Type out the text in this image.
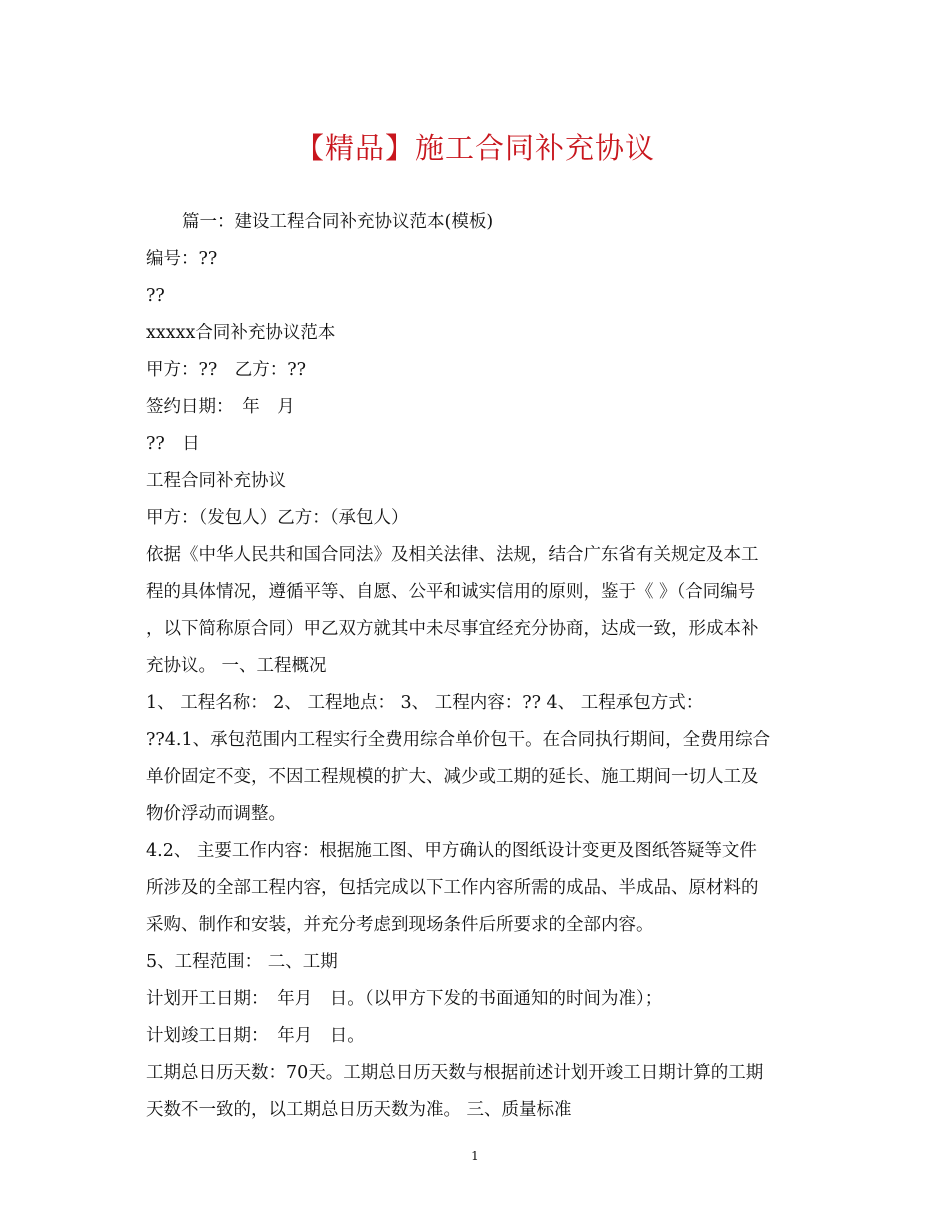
【精品】施工合同补充协议
篇一：建设工程合同补充协议范本(模板)
编号：??
??
xxxxx合同补充协议范本
甲方：??　乙方：??
签约日期：　年　月
??　日
工程合同补充协议
甲方：（发包人）乙方：（承包人）
依据《中华人民共和国合同法》及相关法律、法规，结合广东省有关规定及本工
程的具体情况，遵循平等、自愿、公平和诚实信用的原则，鉴于《 》（合同编号
，以下简称原合同）甲乙双方就其中未尽事宜经充分协商，达成一致，形成本补
充协议。 一、工程概况
1、 工程名称： 2、 工程地点： 3、 工程内容：?? 4、 工程承包方式：
??4.1、承包范围内工程实行全费用综合单价包干。在合同执行期间，全费用综合
单价固定不变，不因工程规模的扩大、减少或工期的延长、施工期间一切人工及
物价浮动而调整。
4.2、 主要工作内容：根据施工图、甲方确认的图纸设计变更及图纸答疑等文件
所涉及的全部工程内容，包括完成以下工作内容所需的成品、半成品、原材料的
采购、制作和安装，并充分考虑到现场条件后所要求的全部内容。
5、工程范围： 二、工期
计划开工日期：　年月　日。（以甲方下发的书面通知的时间为准）；
计划竣工日期：　年月　日。
工期总日历天数：70天。工期总日历天数与根据前述计划开竣工日期计算的工期
天数不一致的，以工期总日历天数为准。 三、质量标准
1
